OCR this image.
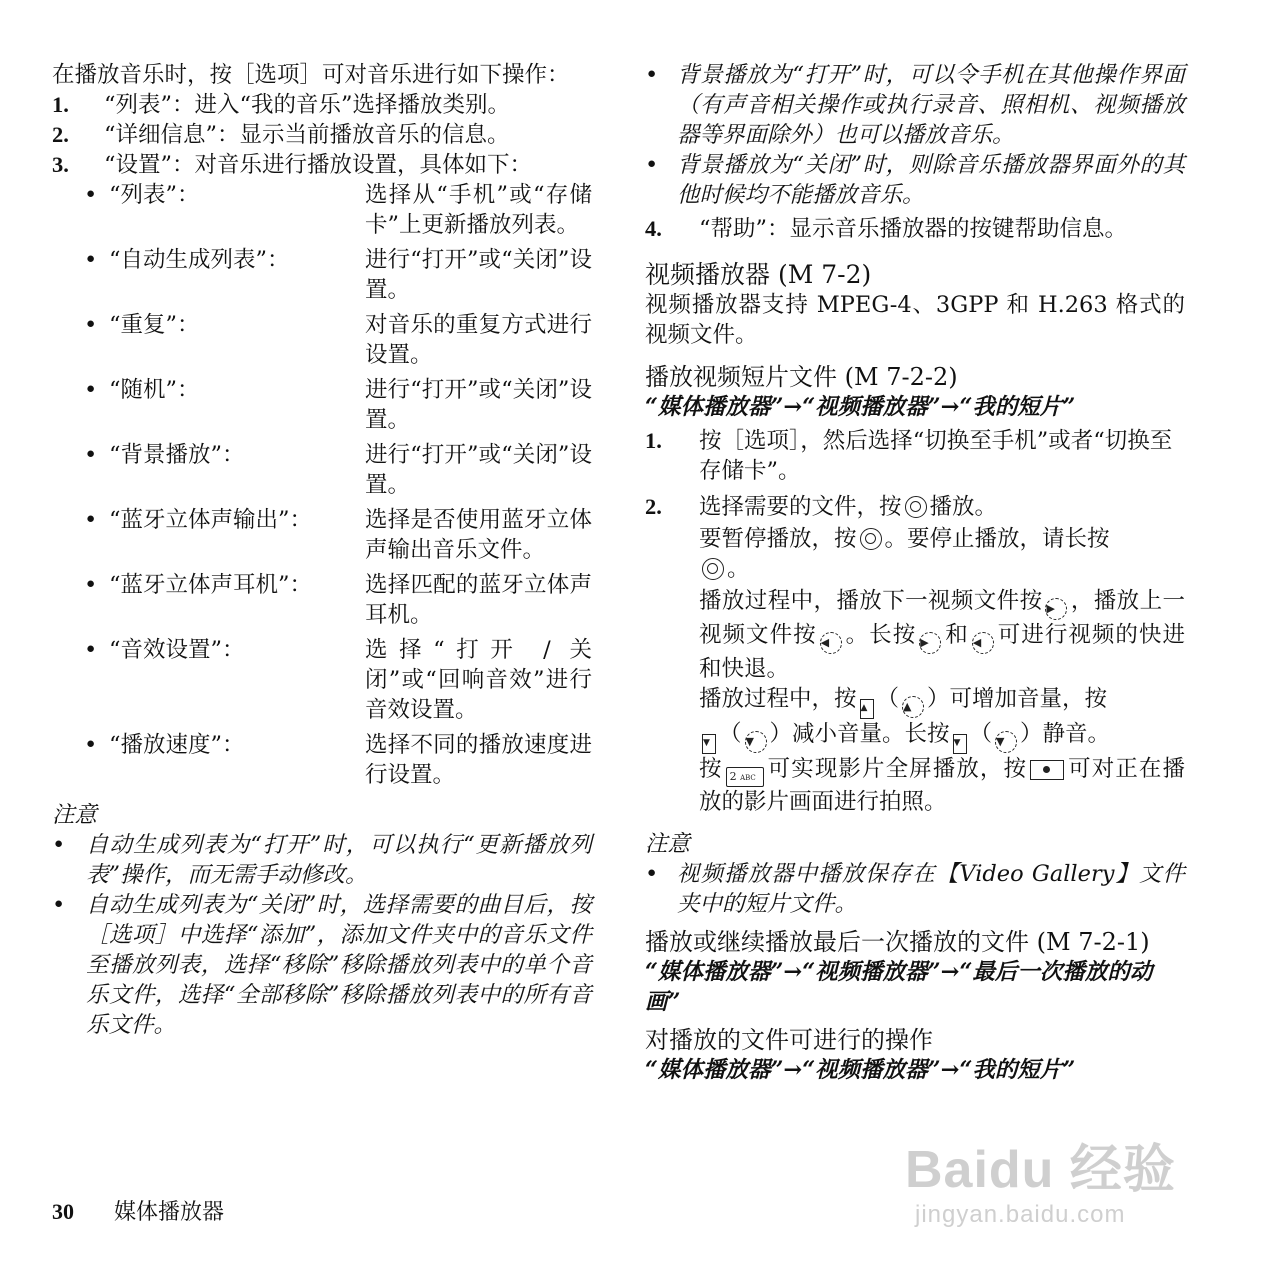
在播放音乐时，按［选项］可对音乐进行如下操作：

1.	“列表”：进入“我的音乐”选择播放类别。
2.	“详细信息”：显示当前播放音乐的信息。
3.	“设置”：对音乐进行播放设置，具体如下：
• “列表”：	选择从“手机”或“存储卡”上更新播放列表。
• “自动生成列表”：	进行“打开”或“关闭”设置。
• “重复”：	对音乐的重复方式进行设置。
• “随机”：	进行“打开”或“关闭”设置。
• “背景播放”：	进行“打开”或“关闭”设置。
• “蓝牙立体声输出”：	选择是否使用蓝牙立体声输出音乐文件。
• “蓝牙立体声耳机”：	选择匹配的蓝牙立体声耳机。
• “音效设置”：	选择“打开 / 关闭”或“回响音效”进行音效设置。
• “播放速度”：	选择不同的播放速度进行设置。

注意

• 自动生成列表为“打开”时，可以执行“更新播放列表”操作，而无需手动修改。
• 自动生成列表为“关闭”时，选择需要的曲目后，按［选项］中选择“添加”，添加文件夹中的音乐文件至播放列表，选择“移除”移除播放列表中的单个音乐文件，选择“全部移除”移除播放列表中的所有音乐文件。
• 背景播放为“打开”时，可以令手机在其他操作界面（有声音相关操作或执行录音、照相机、视频播放器等界面除外）也可以播放音乐。
• 背景播放为“关闭”时，则除音乐播放器界面外的其他时候均不能播放音乐。
4.	“帮助”：显示音乐播放器的按键帮助信息。

视频播放器 (M 7-2)

视频播放器支持 MPEG-4、3GPP 和 H.263 格式的视频文件。

播放视频短片文件 (M 7-2-2)

“媒体播放器”→“视频播放器”→“我的短片”

1.	按［选项］，然后选择“切换至手机”或者“切换至存储卡”。
2.	选择需要的文件，按 播放。
要暂停播放，按 。要停止播放，请长按
。
播放过程中，播放下一视频文件按 ▶ ，播放上一视频文件按 ◀ 。长按 ▶ 和 ◀ 可进行视频的快进和快退。
播放过程中，按 ▲ （ ▲ ）可增加音量，按
▼ （ ▼ ）减小音量。长按 ▼ （ ▼ ）静音。
按 2 ABC 可实现影片全屏播放，按 可对正在播放的影片画面进行拍照。

注意

• 视频播放器中播放保存在【Video Gallery】文件夹中的短片文件。

播放或继续播放最后一次播放的文件 (M 7-2-1)

“媒体播放器”→“视频播放器”→“最后一次播放的动画”

对播放的文件可进行的操作

“媒体播放器”→“视频播放器”→“我的短片”

30 媒体播放器
Baidu 经验
jingyan.baidu.com
